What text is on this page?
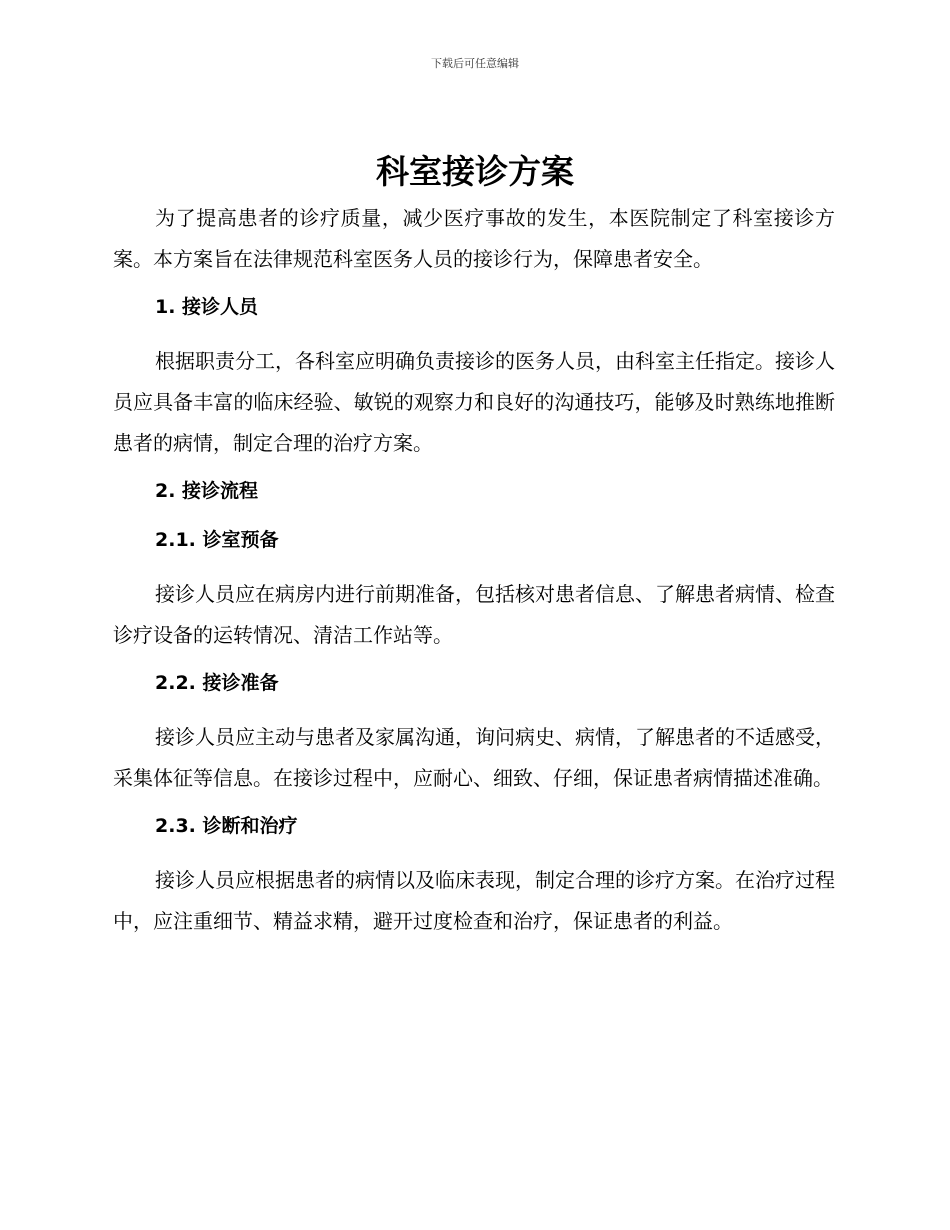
下载后可任意编辑
科室接诊方案

为了提高患者的诊疗质量，减少医疗事故的发生，本医院制定了科室接诊方案。本方案旨在法律规范科室医务人员的接诊行为，保障患者安全。

1. 接诊人员

根据职责分工，各科室应明确负责接诊的医务人员，由科室主任指定。接诊人员应具备丰富的临床经验、敏锐的观察力和良好的沟通技巧，能够及时熟练地推断患者的病情，制定合理的治疗方案。

2. 接诊流程
2.1. 诊室预备

接诊人员应在病房内进行前期准备，包括核对患者信息、了解患者病情、检查诊疗设备的运转情况、清洁工作站等。

2.2. 接诊准备

接诊人员应主动与患者及家属沟通，询问病史、病情，了解患者的不适感受，采集体征等信息。在接诊过程中，应耐心、细致、仔细，保证患者病情描述准确。

2.3. 诊断和治疗

接诊人员应根据患者的病情以及临床表现，制定合理的诊疗方案。在治疗过程中，应注重细节、精益求精，避开过度检查和治疗，保证患者的利益。
